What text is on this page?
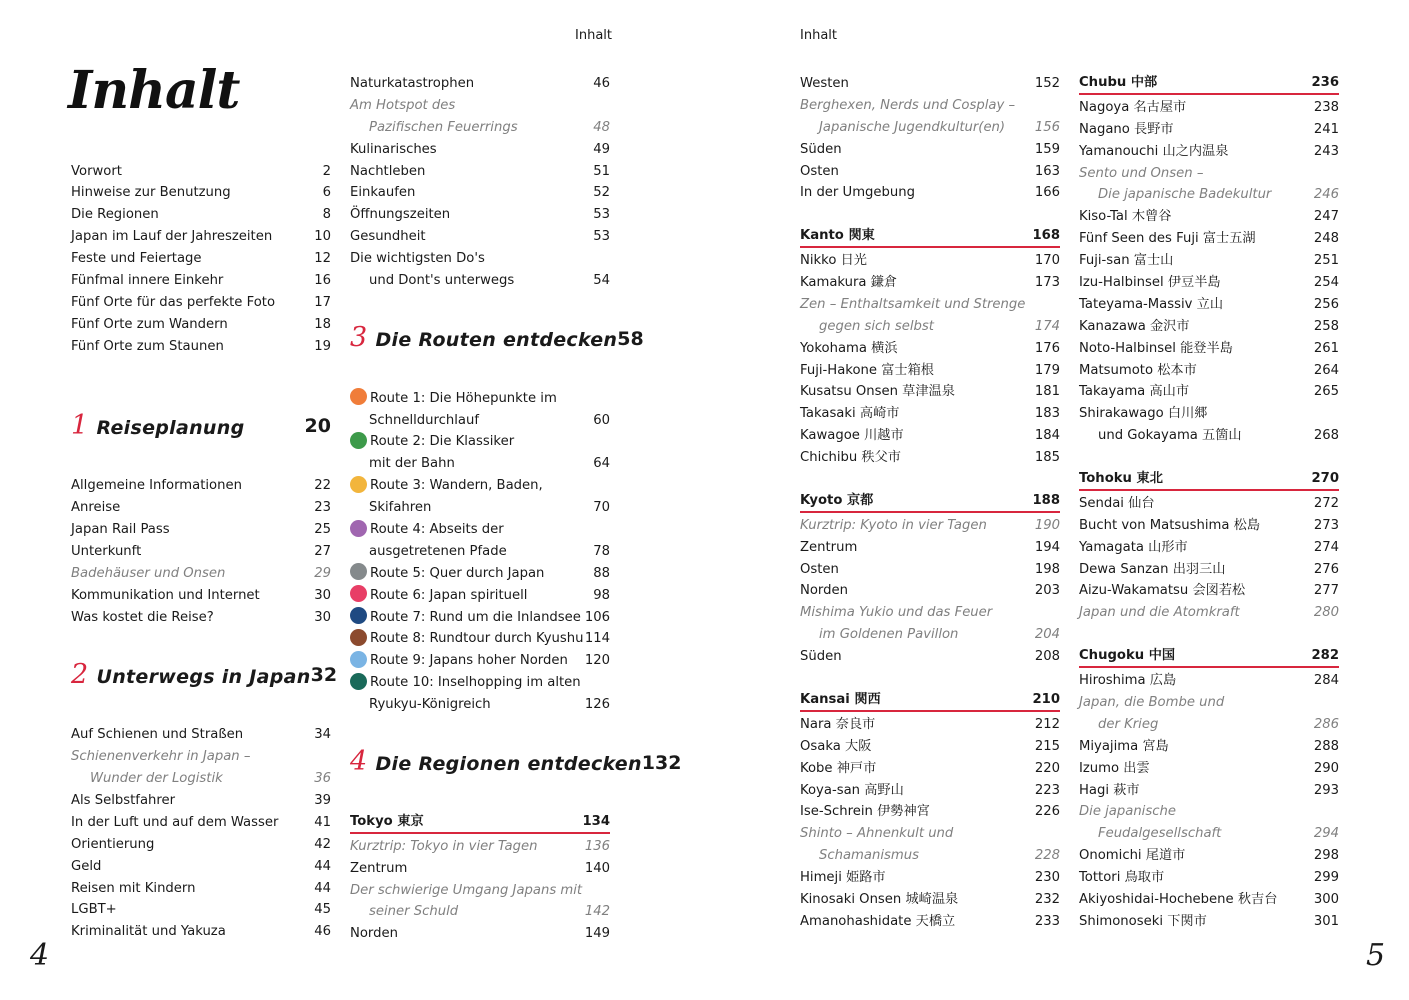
Inhalt	Inhalt
Inhalt
Vorwort	2
Hinweise zur Benutzung	6
Die Regionen	8
Japan im Lauf der Jahreszeiten	10
Feste und Feiertage	12
Fünfmal innere Einkehr	16
Fünf Orte für das perfekte Foto	17
Fünf Orte zum Wandern	18
Fünf Orte zum Staunen	19
1 Reiseplanung	20
Allgemeine Informationen	22
Anreise	23
Japan Rail Pass	25
Unterkunft	27
Badehäuser und Onsen	29
Kommunikation und Internet	30
Was kostet die Reise?	30
2 Unterwegs in Japan 32
Auf Schienen und Straßen	34
Schienenverkehr in Japan –
Wunder der Logistik	36
Als Selbstfahrer	39
In der Luft und auf dem Wasser	41
Orientierung	42
Geld	44
Reisen mit Kindern	44
LGBT+	45
Kriminalität und Yakuza	46
Naturkatastrophen	46
Am Hotspot des
Pazifischen Feuerrings	48
Kulinarisches	49
Nachtleben	51
Einkaufen	52
Öffnungszeiten	53
Gesundheit	53
Die wichtigsten Do's
und Dont's unterwegs	54
3 Die Routen entdecken 58
Route 1: Die Höhepunkte im
Schnelldurchlauf	60
Route 2: Die Klassiker
mit der Bahn	64
Route 3: Wandern, Baden,
Skifahren	70
Route 4: Abseits der
ausgetretenen Pfade	78
Route 5: Quer durch Japan	88
Route 6: Japan spirituell	98
Route 7: Rund um die Inlandsee 106
Route 8: Rundtour durch Kyushu 114
Route 9: Japans hoher Norden 120
Route 10: Inselhopping im alten
Ryukyu-Königreich	126
4 Die Regionen entdecken 132
Tokyo 東京	134
Kurztrip: Tokyo in vier Tagen	136
Zentrum	140
Der schwierige Umgang Japans mit
seiner Schuld	142
Norden	149
Westen	152
Berghexen, Nerds und Cosplay –
Japanische Jugendkultur(en) 156
Süden	159
Osten	163
In der Umgebung	166
Kanto 関東	168
Nikko 日光	170
Kamakura 鎌倉	173
Zen – Enthaltsamkeit und Strenge
gegen sich selbst	174
Yokohama 横浜	176
Fuji-Hakone 富士箱根	179
Kusatsu Onsen 草津温泉	181
Takasaki 高崎市	183
Kawagoe 川越市	184
Chichibu 秩父市	185
Kyoto 京都	188
Kurztrip: Kyoto in vier Tagen	190
Zentrum	194
Osten	198
Norden	203
Mishima Yukio und das Feuer
im Goldenen Pavillon	204
Süden	208
Kansai 関西	210
Nara 奈良市	212
Osaka 大阪	215
Kobe 神戸市	220
Koya-san 高野山	223
Ise-Schrein 伊勢神宮	226
Shinto – Ahnenkult und
Schamanismus	228
Himeji 姫路市	230
Kinosaki Onsen 城崎温泉	232
Amanohashidate 天橋立	233
Chubu 中部	236
Nagoya 名古屋市	238
Nagano 長野市	241
Yamanouchi 山之内温泉	243
Sento und Onsen –
Die japanische Badekultur	246
Kiso-Tal 木曾谷	247
Fünf Seen des Fuji 富士五湖	248
Fuji-san 富士山	251
Izu-Halbinsel 伊豆半島	254
Tateyama-Massiv 立山	256
Kanazawa 金沢市	258
Noto-Halbinsel 能登半島	261
Matsumoto 松本市	264
Takayama 高山市	265
Shirakawago 白川郷
und Gokayama 五箇山	268
Tohoku 東北	270
Sendai 仙台	272
Bucht von Matsushima 松島	273
Yamagata 山形市	274
Dewa Sanzan 出羽三山	276
Aizu-Wakamatsu 会図若松	277
Japan und die Atomkraft	280
Chugoku 中国	282
Hiroshima 広島	284
Japan, die Bombe und
der Krieg	286
Miyajima 宮島	288
Izumo 出雲	290
Hagi 萩市	293
Die japanische
Feudalgesellschaft	294
Onomichi 尾道市	298
Tottori 鳥取市	299
Akiyoshidai-Hochebene 秋吉台	300
Shimonoseki 下関市	301
4	5
